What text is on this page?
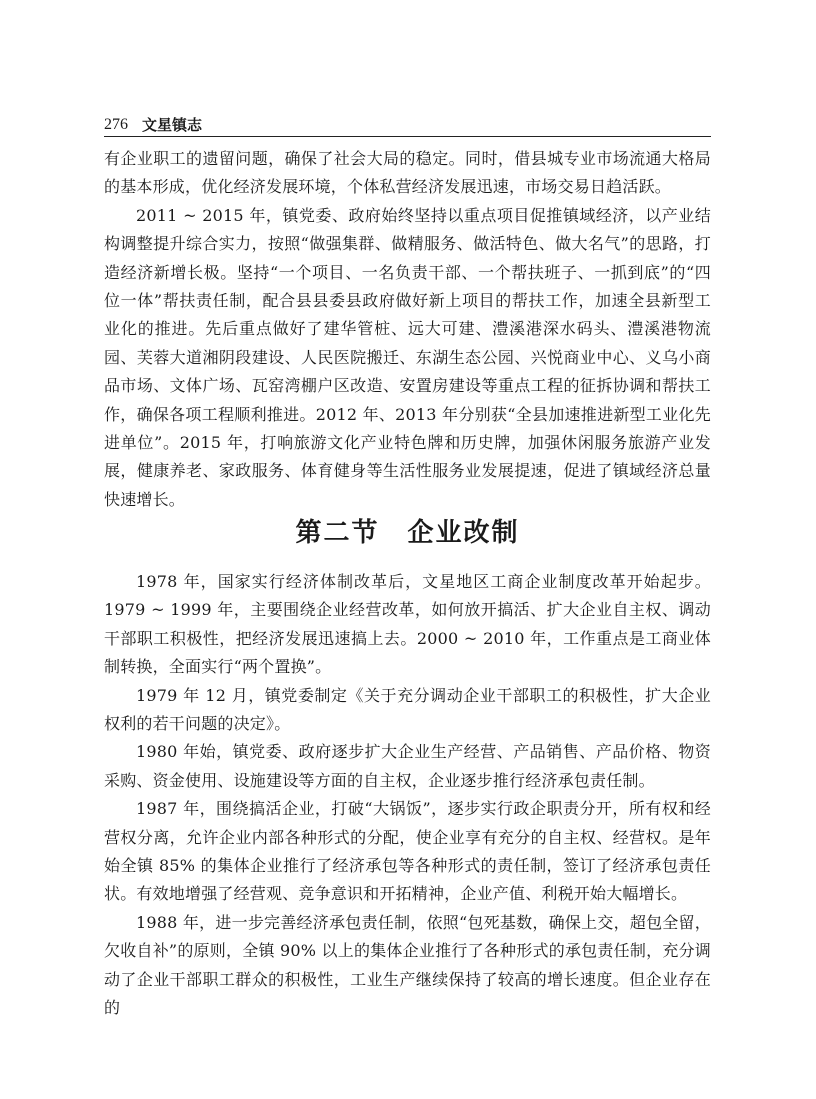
276 文星镇志

有企业职工的遗留问题，确保了社会大局的稳定。同时，借县城专业市场流通大格局的基本形成，优化经济发展环境，个体私营经济发展迅速，市场交易日趋活跃。

2011 ~ 2015 年，镇党委、政府始终坚持以重点项目促推镇域经济，以产业结构调整提升综合实力，按照“做强集群、做精服务、做活特色、做大名气”的思路，打造经济新增长极。坚持“一个项目、一名负责干部、一个帮扶班子、一抓到底”的“四位一体”帮扶责任制，配合县县委县政府做好新上项目的帮扶工作，加速全县新型工业化的推进。先后重点做好了建华管桩、远大可建、澧溪港深水码头、澧溪港物流园、芙蓉大道湘阴段建设、人民医院搬迁、东湖生态公园、兴悦商业中心、义乌小商品市场、文体广场、瓦窑湾棚户区改造、安置房建设等重点工程的征拆协调和帮扶工作，确保各项工程顺利推进。2012 年、2013 年分别获“全县加速推进新型工业化先进单位”。2015 年，打响旅游文化产业特色牌和历史牌，加强休闲服务旅游产业发展，健康养老、家政服务、体育健身等生活性服务业发展提速，促进了镇域经济总量快速增长。

第二节　企业改制

1978 年，国家实行经济体制改革后，文星地区工商企业制度改革开始起步。1979 ~ 1999 年，主要围绕企业经营改革，如何放开搞活、扩大企业自主权、调动干部职工积极性，把经济发展迅速搞上去。2000 ~ 2010 年，工作重点是工商业体制转换，全面实行“两个置换”。

1979 年 12 月，镇党委制定《关于充分调动企业干部职工的积极性，扩大企业权利的若干问题的决定》。

1980 年始，镇党委、政府逐步扩大企业生产经营、产品销售、产品价格、物资采购、资金使用、设施建设等方面的自主权，企业逐步推行经济承包责任制。

1987 年，围绕搞活企业，打破“大锅饭”，逐步实行政企职责分开，所有权和经营权分离，允许企业内部各种形式的分配，使企业享有充分的自主权、经营权。是年始全镇 85% 的集体企业推行了经济承包等各种形式的责任制，签订了经济承包责任状。有效地增强了经营观、竞争意识和开拓精神，企业产值、利税开始大幅增长。

1988 年，进一步完善经济承包责任制，依照“包死基数，确保上交，超包全留，欠收自补”的原则，全镇 90% 以上的集体企业推行了各种形式的承包责任制，充分调动了企业干部职工群众的积极性，工业生产继续保持了较高的增长速度。但企业存在的
